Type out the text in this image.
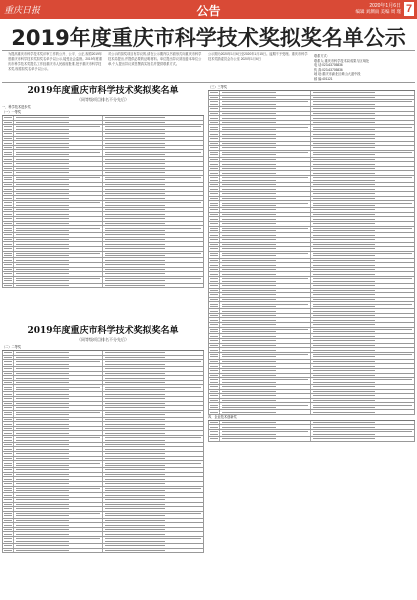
重庆日报	公告	2020年1月6日
编辑 刘渊雨 美编 周 瑾 7
2019年度重庆市科学技术奖拟奖名单公示
为提高重庆市科学技术奖评审工作的公开、公平、公正,现将2019年度重庆市科学技术奖拟奖名单予以公示,接受社会监督。2019年度重庆市科学技术奖提名工作经重庆市人民政府批准,授予重庆市科学技术奖,现将拟奖名单予以公示。
对公示的拟奖项目有异议的,请在公示期内以书面形式向重庆市科学技术局提出,并提供必要的证明材料。单位提出异议须加盖本单位公章,个人提出异议须签署真实姓名并提供联系方式。
公示期为2020年1月6日至2020年1月15日。逾期不予受理。重庆市科学技术奖励委员会办公室 2020年1月6日
联系方式:
联系人:重庆市科学技术局成果与区域处
电 话:023-63705836
传 真:023-63705836
地 址:重庆市渝北区黄山大道中段
邮 编:401121
2019年度重庆市科学技术奖拟奖名单
（同等级项目排名不分先后）
一、科学技术进步奖
（一）一等奖
2019年度重庆市科学技术奖拟奖名单
（同等级项目排名不分先后）
（二）二等奖
（三）三等奖
四、企业技术创新奖
